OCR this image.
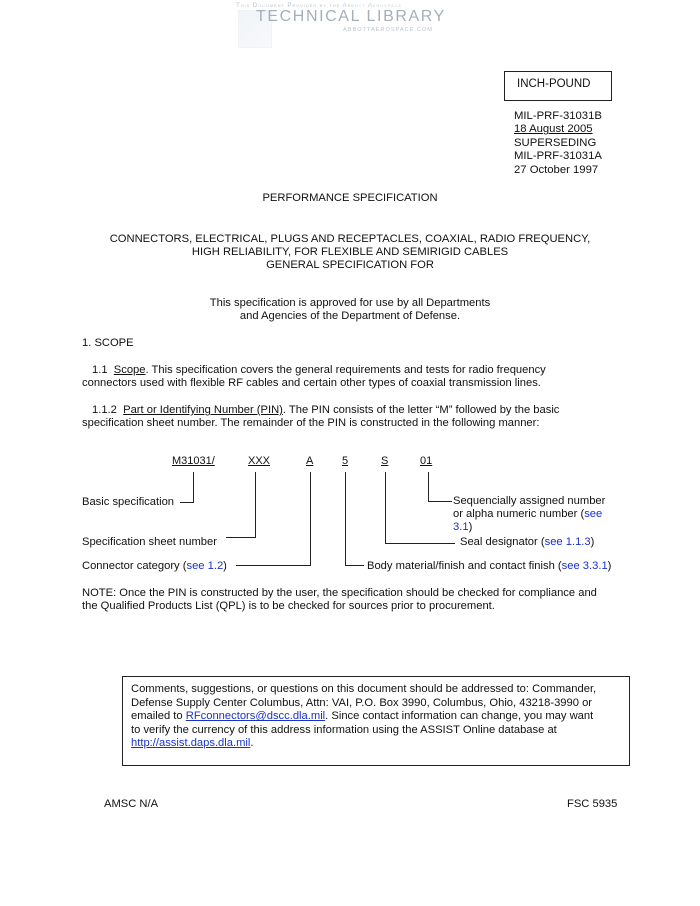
This Document Provided by the Abbott Aerospace
TECHNICAL LIBRARY
ABBOTTAEROSPACE.COM
INCH-POUND
MIL-PRF-31031B
18 August 2005
SUPERSEDING
MIL-PRF-31031A
27 October 1997
PERFORMANCE SPECIFICATION
CONNECTORS, ELECTRICAL, PLUGS AND RECEPTACLES, COAXIAL, RADIO FREQUENCY,
HIGH RELIABILITY, FOR FLEXIBLE AND SEMIRIGID CABLES
GENERAL SPECIFICATION FOR
This specification is approved for use by all Departments
and Agencies of the Department of Defense.
1. SCOPE
1.1 Scope. This specification covers the general requirements and tests for radio frequency
connectors used with flexible RF cables and certain other types of coaxial transmission lines.
1.1.2 Part or Identifying Number (PIN). The PIN consists of the letter “M” followed by the basic
specification sheet number. The remainder of the PIN is constructed in the following manner:
M31031/	XXX	A	5	S	01
Basic specification
Specification sheet number
Connector category (see 1.2)
Sequencially assigned number
or alpha numeric number (see
3.1)
Seal designator (see 1.1.3)
Body material/finish and contact finish (see 3.3.1)
NOTE: Once the PIN is constructed by the user, the specification should be checked for compliance and
the Qualified Products List (QPL) is to be checked for sources prior to procurement.
Comments, suggestions, or questions on this document should be addressed to: Commander,
Defense Supply Center Columbus, Attn: VAI, P.O. Box 3990, Columbus, Ohio, 43218-3990 or
emailed to RFconnectors@dscc.dla.mil. Since contact information can change, you may want
to verify the currency of this address information using the ASSIST Online database at
http://assist.daps.dla.mil.
AMSC N/A	FSC 5935
